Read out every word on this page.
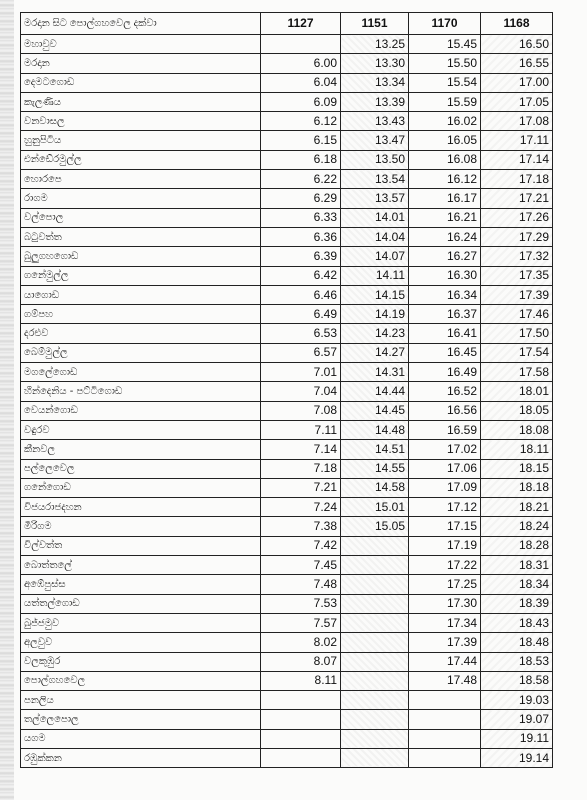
මරදාන සිට පොල්ගහවෙල දක්වා	1127	1151	1170	1168
මහාවුව		13.25	15.45	16.50
මරදාන	6.00	13.30	15.50	16.55
දෙමටගොඩ	6.04	13.34	15.54	17.00
කැලණිය	6.09	13.39	15.59	17.05
වනවාසල	6.12	13.43	16.02	17.08
හුනුපිටිය	6.15	13.47	16.05	17.11
එන්ඩේරමුල්ල	6.18	13.50	16.08	17.14
හොරපෙ	6.22	13.54	16.12	17.18
රාගම	6.29	13.57	16.17	17.21
වල්පොල	6.33	14.01	16.21	17.26
බටුවත්ත	6.36	14.04	16.24	17.29
බුලුගහගොඩ	6.39	14.07	16.27	17.32
ගනේමුල්ල	6.42	14.11	16.30	17.35
යාගොඩ	6.46	14.15	16.34	17.39
ගම්පහ	6.49	14.19	16.37	17.46
දරළුව	6.53	14.23	16.41	17.50
බෙම්මුල්ල	6.57	14.27	16.45	17.54
මගලේගොඩ	7.01	14.31	16.49	17.58
හීන්දෙනිය - පට්ටිගොඩ	7.04	14.44	16.52	18.01
වෙයන්ගොඩ	7.08	14.45	16.56	18.05
වඳුරව	7.11	14.48	16.59	18.08
කීනවල	7.14	14.51	17.02	18.11
පල්ලෙවෙල	7.18	14.55	17.06	18.15
ගනේගොඩ	7.21	14.58	17.09	18.18
විජයරාජදහන	7.24	15.01	17.12	18.21
මීරිගම	7.38	15.05	17.15	18.24
විල්වත්ත	7.42		17.19	18.28
බොත්තලේ	7.45		17.22	18.31
අඹේපුස්ස	7.48		17.25	18.34
යත්තල්ගොඩ	7.53		17.30	18.39
බුජ්ජමුව	7.57		17.34	18.43
අලවුව	8.02		17.39	18.48
වලකුඹුර	8.07		17.44	18.53
පොල්ගහවෙල	8.11		17.48	18.58
පනලිය				19.03
තල්ලෙපොල				19.07
යගම				19.11
රඹුක්කන				19.14
